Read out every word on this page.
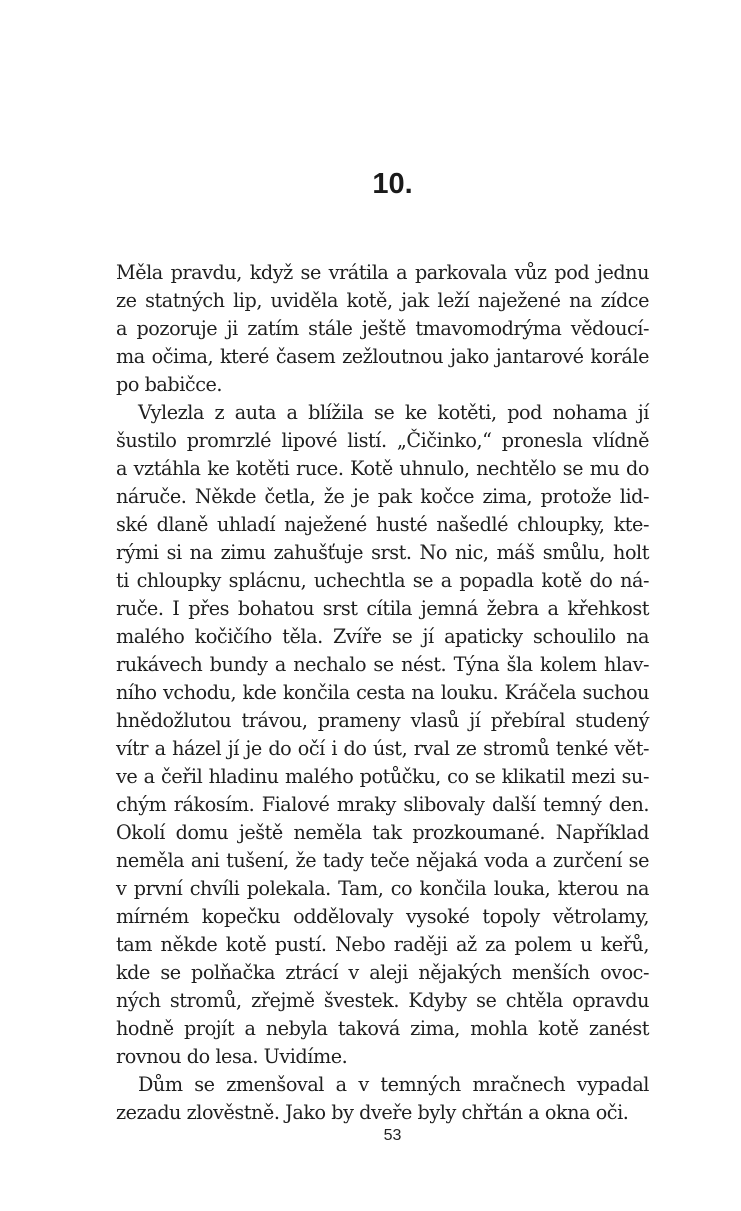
10.
Měla pravdu, když se vrátila a parkovala vůz pod jednu
ze statných lip, uviděla kotě, jak leží naježené na zídce
a pozoruje ji zatím stále ještě tmavomodrýma vědoucí-
ma očima, které časem zežloutnou jako jantarové korále
po babičce.
Vylezla z auta a blížila se ke kotěti, pod nohama jí
šustilo promrzlé lipové listí. „Čičinko,“ pronesla vlídně
a vztáhla ke kotěti ruce. Kotě uhnulo, nechtělo se mu do
náruče. Někde četla, že je pak kočce zima, protože lid-
ské dlaně uhladí naježené husté našedlé chloupky, kte-
rými si na zimu zahušťuje srst. No nic, máš smůlu, holt
ti chloupky splácnu, uchechtla se a popadla kotě do ná-
ruče. I přes bohatou srst cítila jemná žebra a křehkost
malého kočičího těla. Zvíře se jí apaticky schoulilo na
rukávech bundy a nechalo se nést. Týna šla kolem hlav-
ního vchodu, kde končila cesta na louku. Kráčela suchou
hnědožlutou trávou, prameny vlasů jí přebíral studený
vítr a házel jí je do očí i do úst, rval ze stromů tenké vět-
ve a čeřil hladinu malého potůčku, co se klikatil mezi su-
chým rákosím. Fialové mraky slibovaly další temný den.
Okolí domu ještě neměla tak prozkoumané. Například
neměla ani tušení, že tady teče nějaká voda a zurčení se
v první chvíli polekala. Tam, co končila louka, kterou na
mírném kopečku oddělovaly vysoké topoly větrolamy,
tam někde kotě pustí. Nebo raději až za polem u keřů,
kde se polňačka ztrácí v aleji nějakých menších ovoc-
ných stromů, zřejmě švestek. Kdyby se chtěla opravdu
hodně projít a nebyla taková zima, mohla kotě zanést
rovnou do lesa. Uvidíme.
Dům se zmenšoval a v temných mračnech vypadal
zezadu zlověstně. Jako by dveře byly chřtán a okna oči.
53
